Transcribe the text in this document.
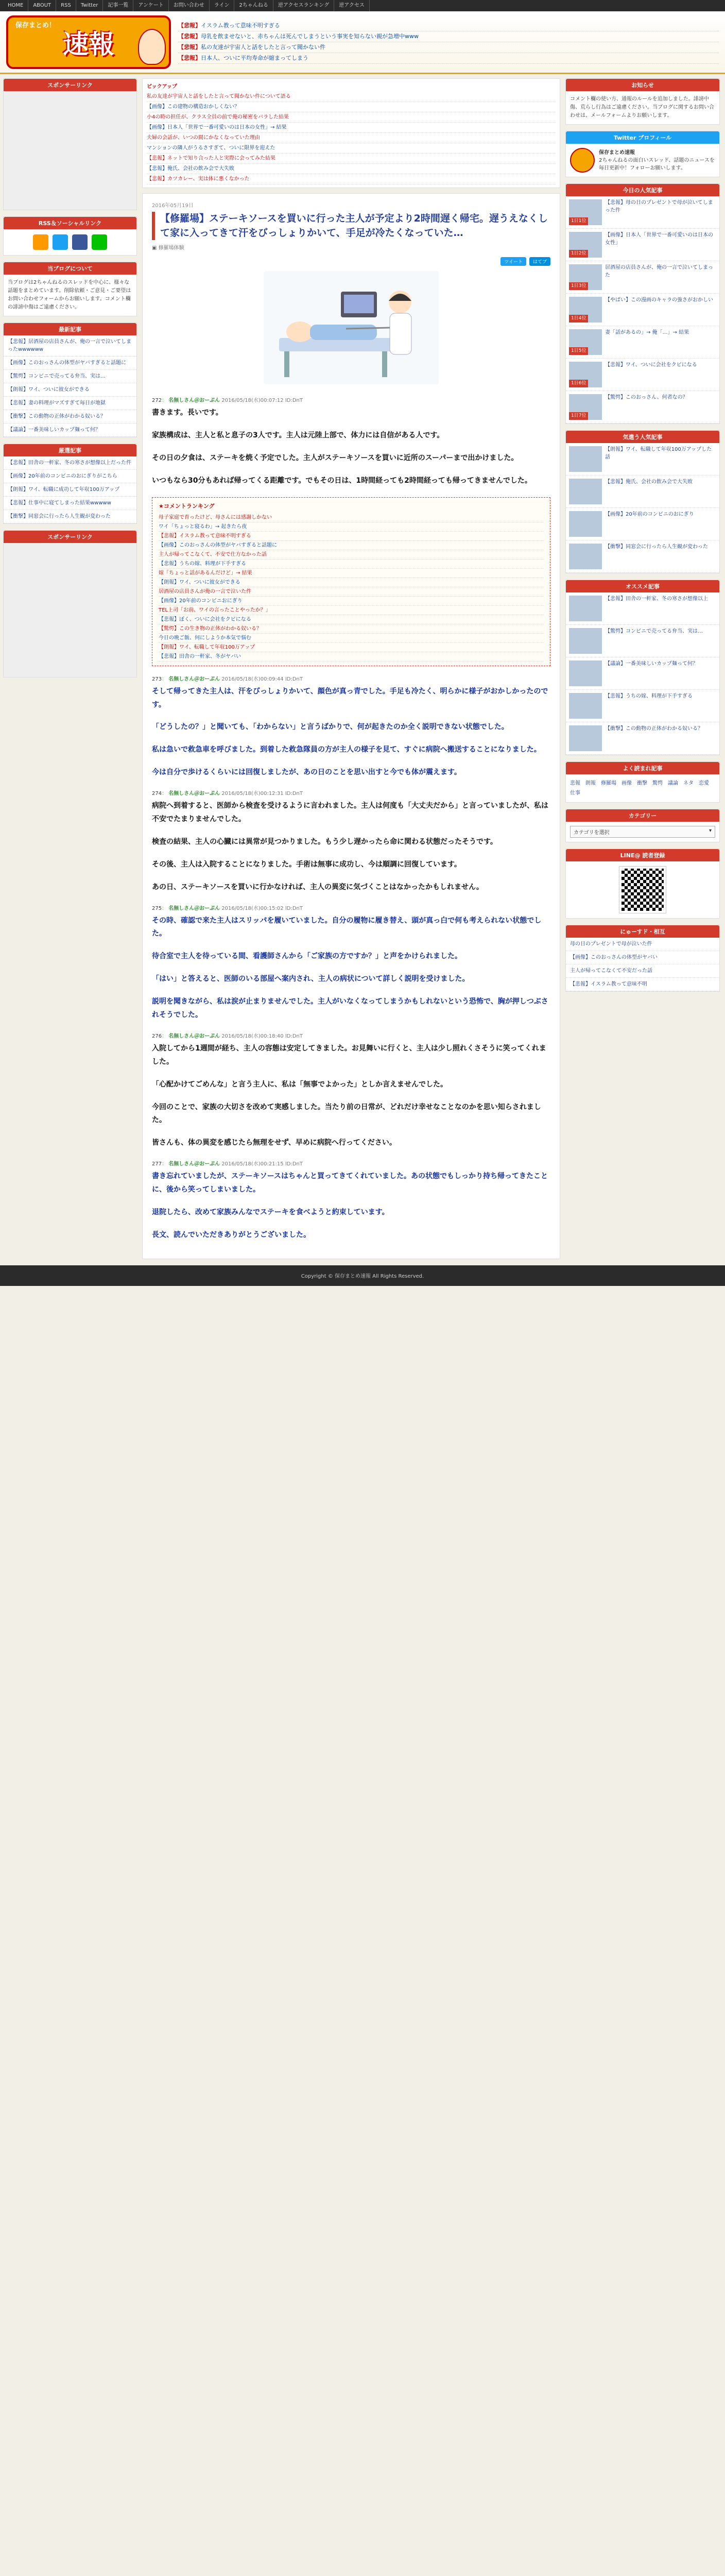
HOME	ABOUT	RSS	Twitter	記事一覧	アンケート	お問い合わせ	ライン	2ちゃんねる	逆アクセスランキング	逆アクセス
保存まとめ！
速報
【悲報】イスラム教って意味不明すぎる
【悲報】母乳を飲ませないと、赤ちゃんは死んでしまうという事実を知らない親が急増中www
【悲報】私の友達が宇宙人と話をしたと言って聞かない件
【悲報】日本人、ついに平均寿命が縮まってしまう
スポンサーリンク
RSS＆ソーシャルリンク
当ブログについて
当ブログは2ちゃんねるのスレッドを中心に、様々な話題をまとめています。削除依頼・ご意見・ご要望はお問い合わせフォームからお願いします。コメント欄の誹謗中傷はご遠慮ください。
最新記事
【悲報】居酒屋の店員さんが、俺の一言で泣いてしまったwwwwww
【画像】このおっさんの体型がヤバすぎると話題に
【驚愕】コンビニで売ってる弁当、実は…
【朗報】ワイ、ついに彼女ができる
【悲報】妻の料理がマズすぎて毎日が地獄
【衝撃】この動物の正体がわかる奴いる？
【議論】一番美味しいカップ麺って何？
厳選記事
【悲報】田舎の一軒家、冬の寒さが想像以上だった件
【画像】20年前のコンビニのおにぎりがこちら
【朗報】ワイ、転職に成功して年収100万アップ
【悲報】仕事中に寝てしまった結果wwwww
【衝撃】同窓会に行ったら人生観が変わった
スポンサーリンク
ピックアップ
私の友達が宇宙人と話をしたと言って聞かない件について語る
【画像】この建物の構造おかしくない？
小4の時の担任が、クラス全員の前で俺の秘密をバラした結果
【画像】日本人「世界で一番可愛いのは日本の女性」→ 結果
夫婦の会話が、いつの間にかなくなっていた理由
マンションの隣人がうるさすぎて、ついに限界を迎えた
【悲報】ネットで知り合った人と実際に会ってみた結果
【悲報】俺氏、会社の飲み会で大失敗
【悲報】カツカレー、実は体に悪くなかった
2016年05月19日
【修羅場】ステーキソースを買いに行った主人が予定より2時間遅く帰宅。遅うえなくして家に入ってきて汗をびっしょりかいて、手足が冷たくなっていた…
▣ 修羅場体験
ツイート	はてブ
272： 名無しさん＠おーぷん 2016/05/18(水)00:07:12 ID:DnT

書きます。長いです。

家族構成は、主人と私と息子の3人です。主人は元陸上部で、体力には自信がある人です。

その日の夕食は、ステーキを焼く予定でした。主人がステーキソースを買いに近所のスーパーまで出かけました。

いつもなら30分もあれば帰ってくる距離です。でもその日は、1時間経っても2時間経っても帰ってきませんでした。

★コメントランキング
母子家庭で育ったけど、母さんには感謝しかない
ワイ「ちょっと寝るわ」→ 起きたら夜
【悲報】イスラム教って意味不明すぎる
【画像】このおっさんの体型がヤバすぎると話題に
主人が帰ってこなくて、不安で仕方なかった話
【悲報】うちの嫁、料理が下手すぎる
嫁「ちょっと話があるんだけど」→ 結果
【朗報】ワイ、ついに彼女ができる
居酒屋の店員さんが俺の一言で泣いた件
【画像】20年前のコンビニおにぎり
TEL上司「お前、ワイの言ったことやったか？」
【悲報】ぼく、ついに会社をクビになる
【驚愕】この生き物の正体がわかる奴いる？
今日の晩ご飯、何にしようか本気で悩む
【朗報】ワイ、転職して年収100万アップ
【悲報】田舎の一軒家、冬がヤバい
273： 名無しさん＠おーぷん 2016/05/18(水)00:09:44 ID:DnT

そして帰ってきた主人は、汗をびっしょりかいて、顔色が真っ青でした。手足も冷たく、明らかに様子がおかしかったのです。

「どうしたの？」と聞いても、「わからない」と言うばかりで、何が起きたのか全く説明できない状態でした。

私は急いで救急車を呼びました。到着した救急隊員の方が主人の様子を見て、すぐに病院へ搬送することになりました。

今は自分で歩けるくらいには回復しましたが、あの日のことを思い出すと今でも体が震えます。

274： 名無しさん＠おーぷん 2016/05/18(水)00:12:31 ID:DnT

病院へ到着すると、医師から検査を受けるように言われました。主人は何度も「大丈夫だから」と言っていましたが、私は不安でたまりませんでした。

検査の結果、主人の心臓には異常が見つかりました。もう少し遅かったら命に関わる状態だったそうです。

その後、主人は入院することになりました。手術は無事に成功し、今は順調に回復しています。

あの日、ステーキソースを買いに行かなければ、主人の異変に気づくことはなかったかもしれません。

275： 名無しさん＠おーぷん 2016/05/18(水)00:15:02 ID:DnT

その時、確認で来た主人はスリッパを履いていました。自分の履物に履き替え、頭が真っ白で何も考えられない状態でした。

待合室で主人を待っている間、看護師さんから「ご家族の方ですか？」と声をかけられました。

「はい」と答えると、医師のいる部屋へ案内され、主人の病状について詳しく説明を受けました。

説明を聞きながら、私は涙が止まりませんでした。主人がいなくなってしまうかもしれないという恐怖で、胸が押しつぶされそうでした。

276： 名無しさん＠おーぷん 2016/05/18(水)00:18:40 ID:DnT

入院してから1週間が経ち、主人の容態は安定してきました。お見舞いに行くと、主人は少し照れくさそうに笑ってくれました。

「心配かけてごめんな」と言う主人に、私は「無事でよかった」としか言えませんでした。

今回のことで、家族の大切さを改めて実感しました。当たり前の日常が、どれだけ幸せなことなのかを思い知らされました。

皆さんも、体の異変を感じたら無理をせず、早めに病院へ行ってください。

277： 名無しさん＠おーぷん 2016/05/18(水)00:21:15 ID:DnT

書き忘れていましたが、ステーキソースはちゃんと買ってきてくれていました。あの状態でもしっかり持ち帰ってきたことに、後から笑ってしまいました。

退院したら、改めて家族みんなでステーキを食べようと約束しています。

長文、読んでいただきありがとうございました。

お知らせ
コメント欄の使い方、通報のルールを追加しました。誹謗中傷、荒らし行為はご遠慮ください。当ブログに関するお問い合わせは、メールフォームよりお願いします。
Twitter プロフィール
保存まとめ速報
2ちゃんねるの面白いスレッド、話題のニュースを毎日更新中！フォローお願いします。
今日の人気記事
1日1位
【悲報】母の日のプレゼントで母が泣いてしまった件
1日2位
【画像】日本人「世界で一番可愛いのは日本の女性」
1日3位
居酒屋の店員さんが、俺の一言で泣いてしまった
1日4位
【やばい】この漫画のキャラの強さがおかしい
1日5位
妻「話があるの」→ 俺「…」→ 結果
1日6位
【悲報】ワイ、ついに会社をクビになる
1日7位
【驚愕】このおっさん、何者なの？
気遣う人気記事
【朗報】ワイ、転職して年収100万アップした話
【悲報】俺氏、会社の飲み会で大失敗
【画像】20年前のコンビニのおにぎり
【衝撃】同窓会に行ったら人生観が変わった
オススメ記事
【悲報】田舎の一軒家、冬の寒さが想像以上
【驚愕】コンビニで売ってる弁当、実は…
【議論】一番美味しいカップ麺って何？
【悲報】うちの嫁、料理が下手すぎる
【衝撃】この動物の正体がわかる奴いる？
よく読まれ記事
悲報 朗報 修羅場 画像 衝撃 驚愕 議論 ネタ 恋愛仕事
カテゴリー
カテゴリを選択	▾
LINE@ 読者登録
にゅーすド・相互
母の日のプレゼントで母が泣いた件
【画像】このおっさんの体型がヤバい
主人が帰ってこなくて不安だった話
【悲報】イスラム教って意味不明
Copyright © 保存まとめ速報 All Rights Reserved.
